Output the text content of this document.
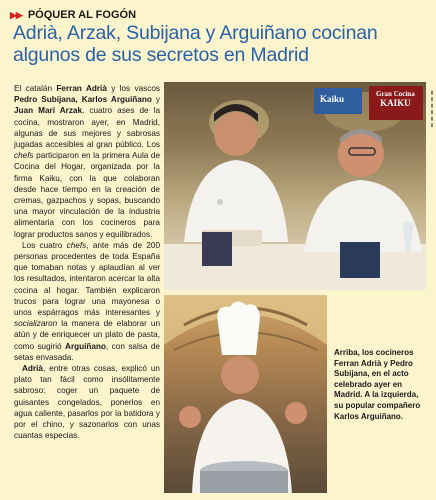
▶▶ PÓQUER AL FOGÓN
Adrià, Arzak, Subijana y Arguiñano cocinan algunos de sus secretos en Madrid

El catalán Ferran Adrià y los vascos Pedro Subijana, Karlos Arguiñano y Juan Mari Arzak, cuatro ases de la cocina, mostraron ayer, en Madrid, algunas de sus mejores y sabrosas jugadas accesibles al gran público. Los chefs participaron en la primera Aula de Cocina del Hogar, organizada por la firma Kaiku, con la que colaboran desde hace tiempo en la creación de cremas, gazpachos y sopas, buscando una mayor vinculación de la industria alimentaria con los cocineros para lograr productos sanos y equilibrados.

Los cuatro chefs, ante más de 200 personas procedentes de toda España que tomaban notas y aplaudían al ver los resultados, intentaron acercar la alta cocina al hogar. También explicaron trucos para lograr una mayonesa o unos espárragos más interesantes y socializaron la manera de elaborar un atún y de enriquecer un plato de pasta, como sugirió Arguiñano, con salsa de setas envasada.

Adrià, entre otras cosas, explicó un plato tan fácil como insólitamente sabroso: coger un paquete de guisantes congelados, ponerlos en agua caliente, pasarlos por la batidora y por el chino, y sazonarlos con unas cuantas especias.

Kaiku	Gran Cocina
KAIKU
Arriba, los cocineros Ferran Adrià y Pedro Subijana, en el acto celebrado ayer en Madrid. A la izquierda, su popular compañero Karlos Arguiñano.
▮▮▮▮▮▮
